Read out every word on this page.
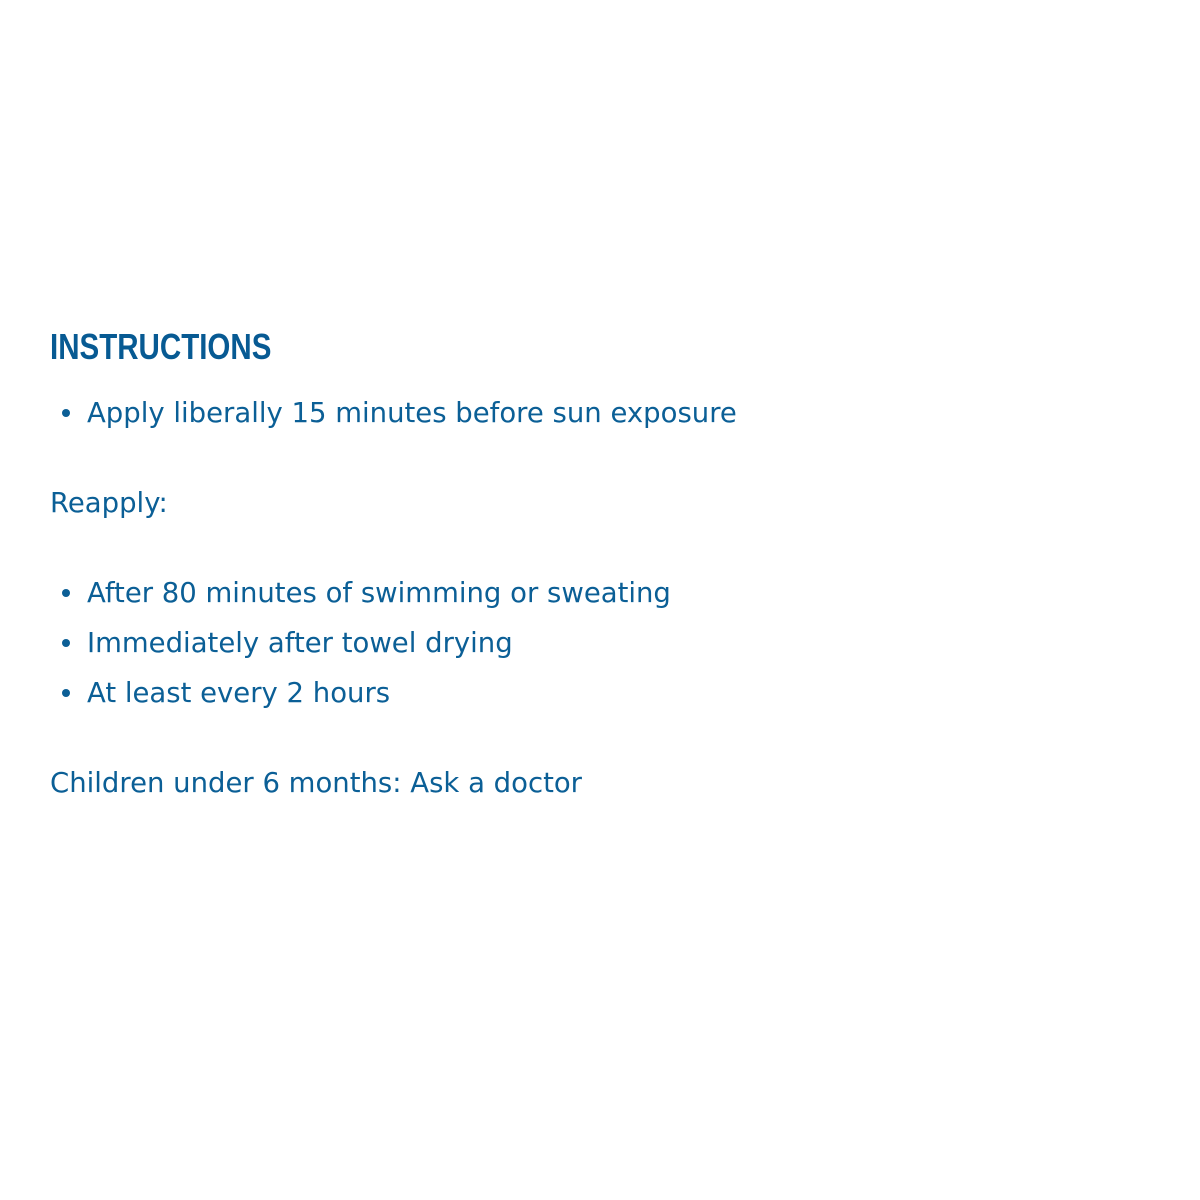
INSTRUCTIONS
Apply liberally 15 minutes before sun exposure

Reapply:

After 80 minutes of swimming or sweating
Immediately after towel drying
At least every 2 hours

Children under 6 months: Ask a doctor
